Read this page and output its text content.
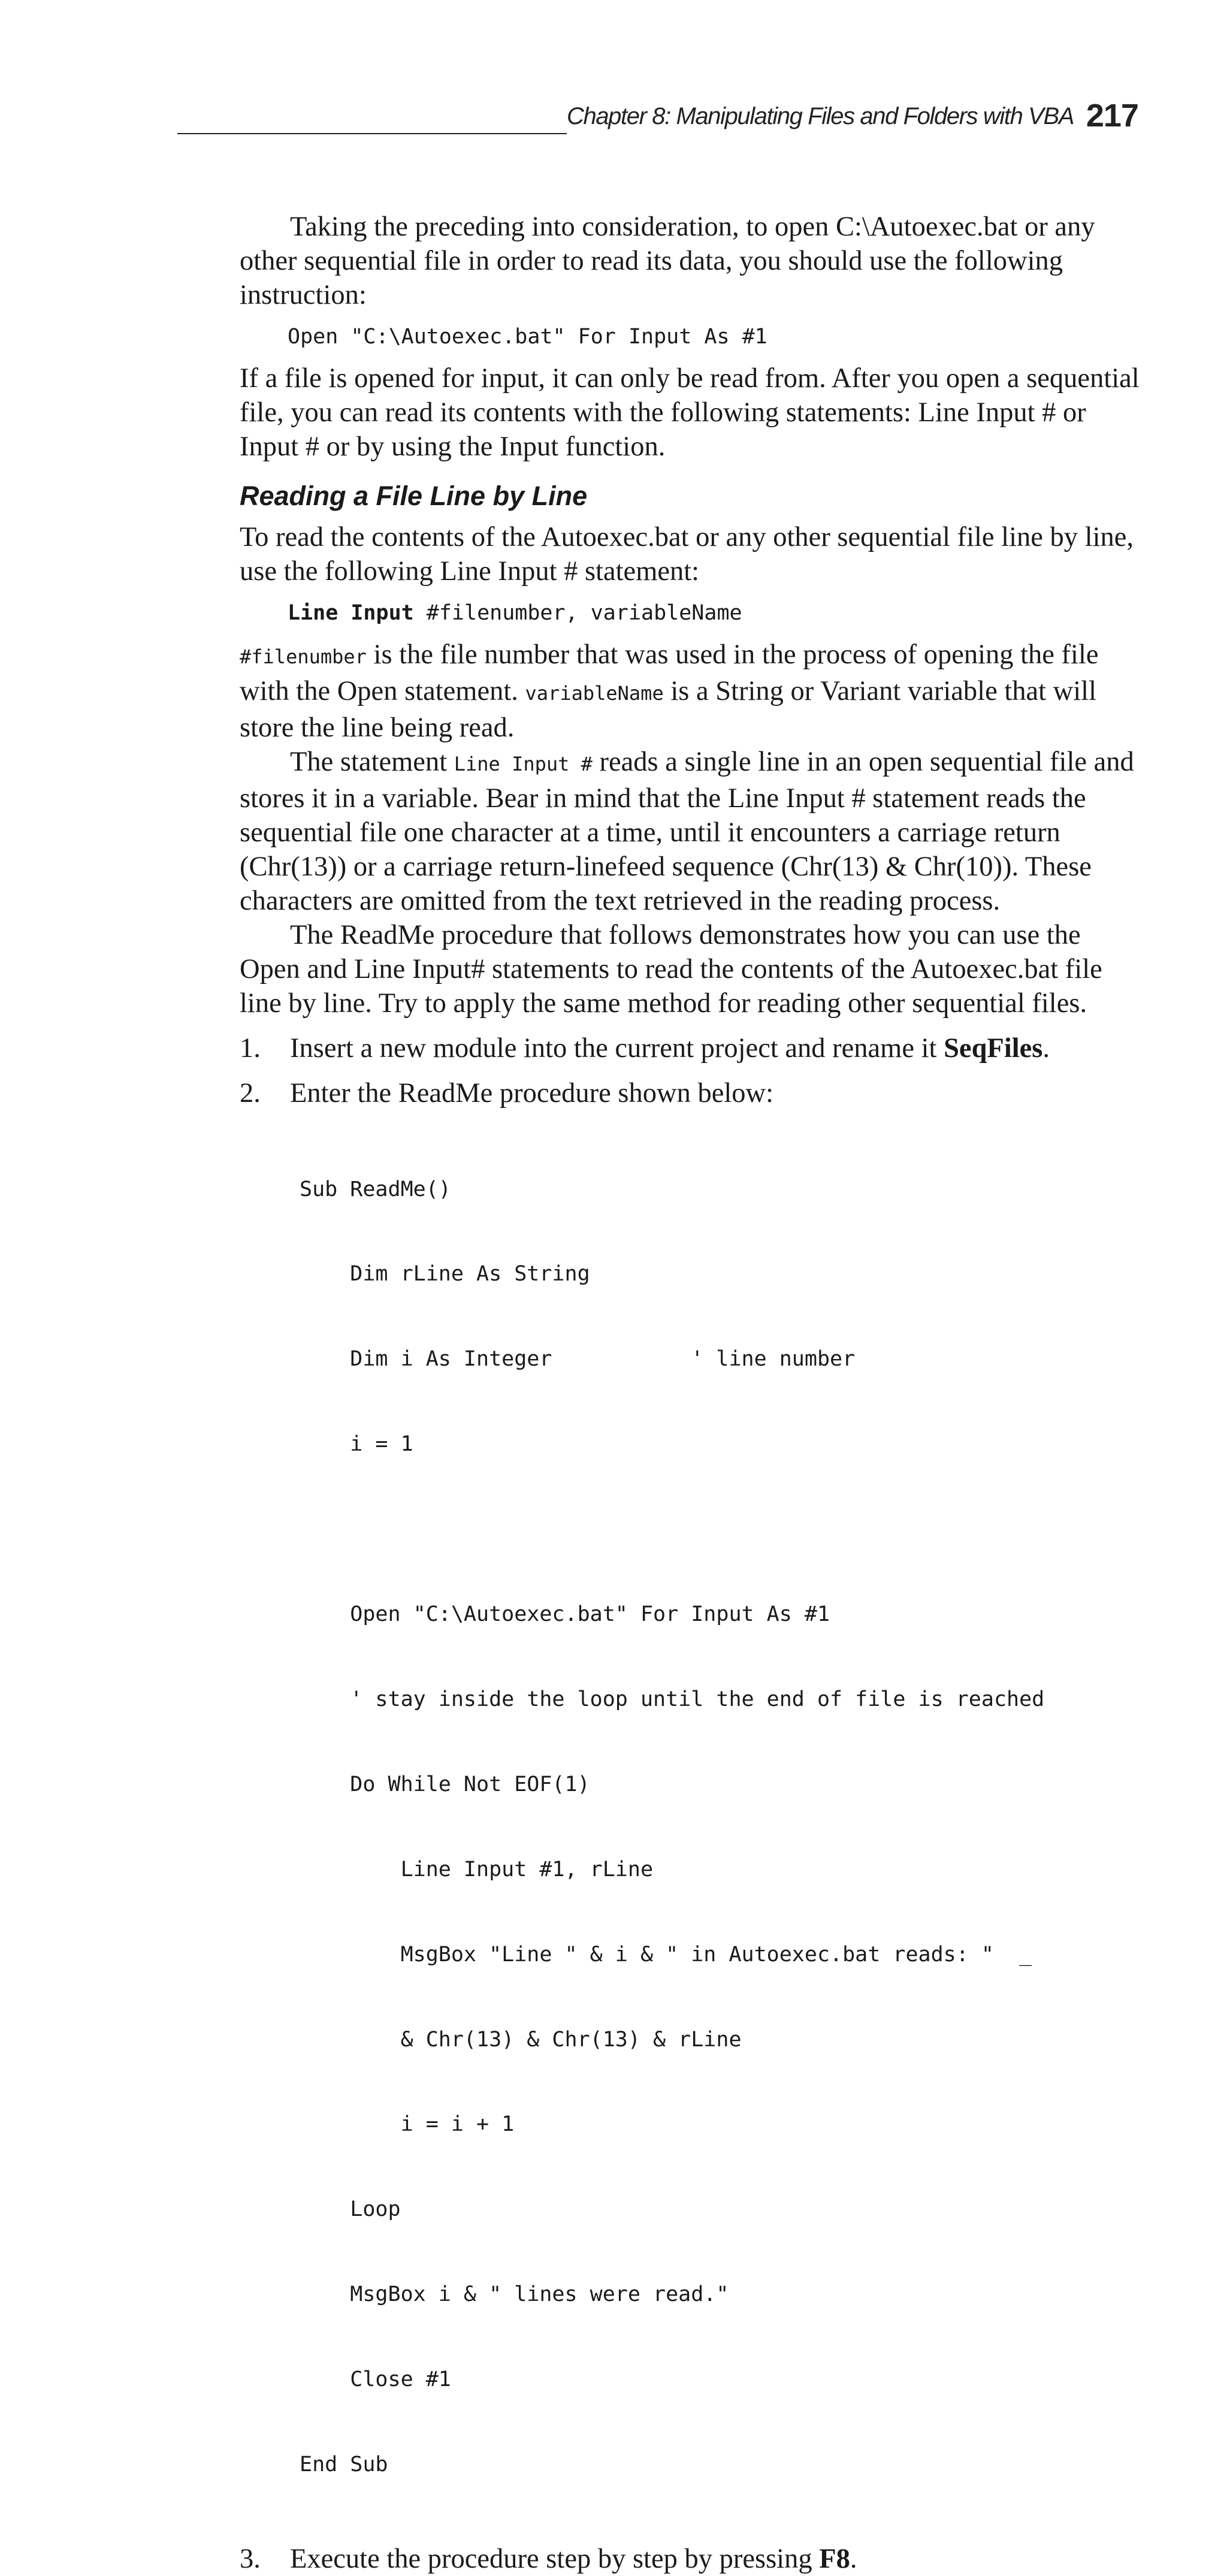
Chapter 8: Manipulating Files and Folders with VBA 217

Taking the preceding into consideration, to open C:\Autoexec.bat or any other sequential file in order to read its data, you should use the following instruction:

Open "C:\Autoexec.bat" For Input As #1

If a file is opened for input, it can only be read from. After you open a sequential file, you can read its contents with the following statements: Line Input # or Input # or by using the Input function.

Reading a File Line by Line

To read the contents of the Autoexec.bat or any other sequential file line by line, use the following Line Input # statement:

Line Input #filenumber, variableName

#filenumber is the file number that was used in the process of opening the file with the Open statement. variableName is a String or Variant variable that will store the line being read.

The statement Line Input # reads a single line in an open sequential file and stores it in a variable. Bear in mind that the Line Input # statement reads the sequential file one character at a time, until it encounters a carriage return (Chr(13)) or a carriage return-linefeed sequence (Chr(13) & Chr(10)). These characters are omitted from the text retrieved in the reading process.

The ReadMe procedure that follows demonstrates how you can use the Open and Line Input# statements to read the contents of the Autoexec.bat file line by line. Try to apply the same method for reading other sequential files.

1.	Insert a new module into the current project and rename it SeqFiles.
2.	Enter the ReadMe procedure shown below:

Sub ReadMe()

Dim rLine As String

Dim i As Integer           ' line number

i = 1

Open "C:\Autoexec.bat" For Input As #1

' stay inside the loop until the end of file is reached

Do While Not EOF(1)

Line Input #1, rLine

MsgBox "Line " & i & " in Autoexec.bat reads: "  _

& Chr(13) & Chr(13) & rLine

i = i + 1

Loop

MsgBox i & " lines were read."

Close #1

End Sub

3.	Execute the procedure step by step by pressing F8.
